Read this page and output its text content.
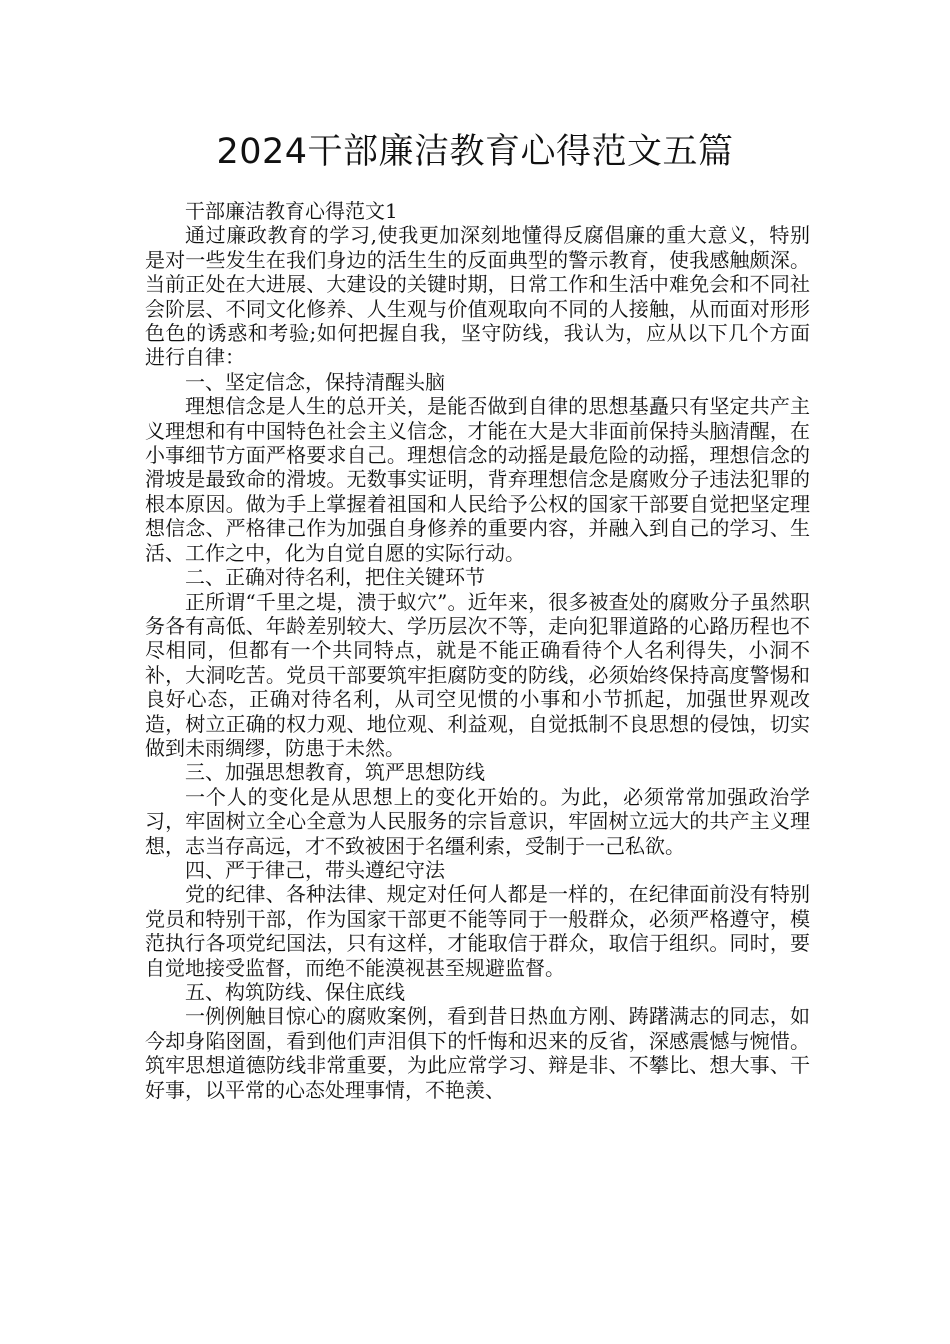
2024干部廉洁教育心得范文五篇

干部廉洁教育心得范文1

通过廉政教育的学习,使我更加深刻地懂得反腐倡廉的重大意义，特别是对一些发生在我们身边的活生生的反面典型的警示教育，使我感触颇深。当前正处在大进展、大建设的关键时期，日常工作和生活中难免会和不同社会阶层、不同文化修养、人生观与价值观取向不同的人接触，从而面对形形色色的诱惑和考验;如何把握自我，坚守防线，我认为，应从以下几个方面进行自律：

一、坚定信念，保持清醒头脑

理想信念是人生的总开关，是能否做到自律的思想基矗只有坚定共产主义理想和有中国特色社会主义信念，才能在大是大非面前保持头脑清醒，在小事细节方面严格要求自己。理想信念的动摇是最危险的动摇，理想信念的滑坡是最致命的滑坡。无数事实证明，背弃理想信念是腐败分子违法犯罪的根本原因。做为手上掌握着祖国和人民给予公权的国家干部要自觉把坚定理想信念、严格律己作为加强自身修养的重要内容，并融入到自己的学习、生活、工作之中，化为自觉自愿的实际行动。

二、正确对待名利，把住关键环节

正所谓“千里之堤，溃于蚁穴”。近年来，很多被查处的腐败分子虽然职务各有高低、年龄差别较大、学历层次不等，走向犯罪道路的心路历程也不尽相同，但都有一个共同特点，就是不能正确看待个人名利得失，小洞不补，大洞吃苦。党员干部要筑牢拒腐防变的防线，必须始终保持高度警惕和良好心态，正确对待名利，从司空见惯的小事和小节抓起，加强世界观改造，树立正确的权力观、地位观、利益观，自觉抵制不良思想的侵蚀，切实做到未雨绸缪，防患于未然。

三、加强思想教育，筑严思想防线

一个人的变化是从思想上的变化开始的。为此，必须常常加强政治学习，牢固树立全心全意为人民服务的宗旨意识，牢固树立远大的共产主义理想，志当存高远，才不致被困于名缰利索，受制于一己私欲。

四、严于律己，带头遵纪守法

党的纪律、各种法律、规定对任何人都是一样的，在纪律面前没有特别党员和特别干部，作为国家干部更不能等同于一般群众，必须严格遵守，模范执行各项党纪国法，只有这样，才能取信于群众，取信于组织。同时，要自觉地接受监督，而绝不能漠视甚至规避监督。

五、构筑防线、保住底线

一例例触目惊心的腐败案例，看到昔日热血方刚、踌躇满志的同志，如今却身陷囹圄，看到他们声泪俱下的忏悔和迟来的反省，深感震憾与惋惜。筑牢思想道德防线非常重要，为此应常学习、辩是非、不攀比、想大事、干好事，以平常的心态处理事情，不艳羡、
